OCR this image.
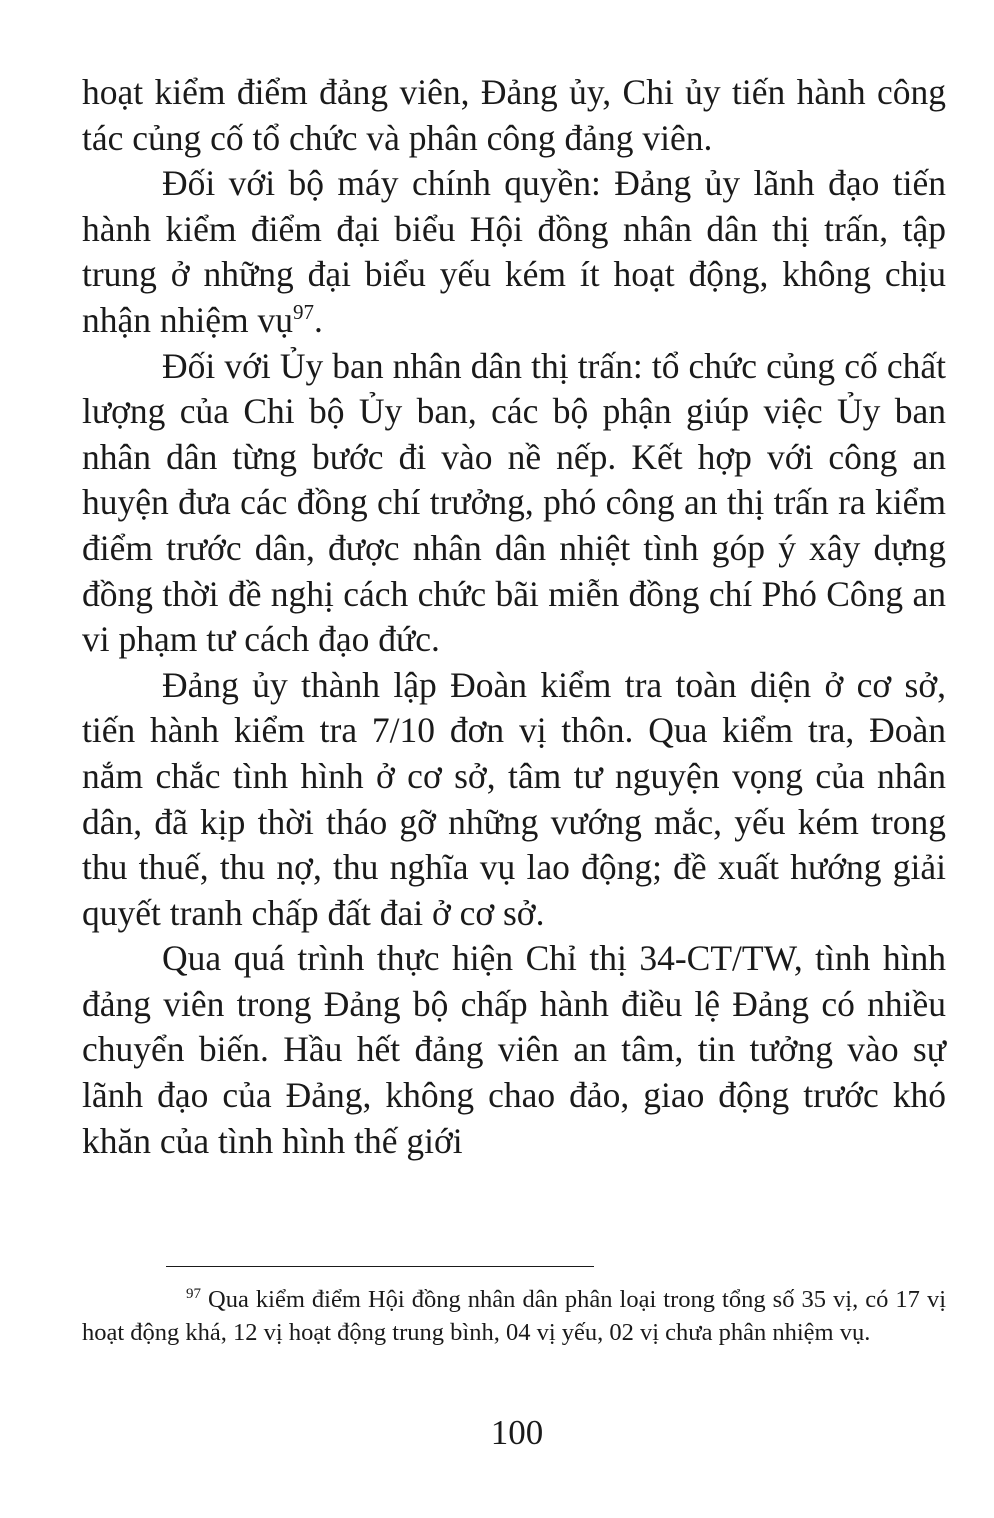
hoạt kiểm điểm đảng viên, Đảng ủy, Chi ủy tiến hành công tác củng cố tổ chức và phân công đảng viên.

Đối với bộ máy chính quyền: Đảng ủy lãnh đạo tiến hành kiểm điểm đại biểu Hội đồng nhân dân thị trấn, tập trung ở những đại biểu yếu kém ít hoạt động, không chịu nhận nhiệm vụ$^{97}$.

Đối với Ủy ban nhân dân thị trấn: tổ chức củng cố chất lượng của Chi bộ Ủy ban, các bộ phận giúp việc Ủy ban nhân dân từng bước đi vào nề nếp. Kết hợp với công an huyện đưa các đồng chí trưởng, phó công an thị trấn ra kiểm điểm trước dân, được nhân dân nhiệt tình góp ý xây dựng đồng thời đề nghị cách chức bãi miễn đồng chí Phó Công an vi phạm tư cách đạo đức.

Đảng ủy thành lập Đoàn kiểm tra toàn diện ở cơ sở, tiến hành kiểm tra 7/10 đơn vị thôn. Qua kiểm tra, Đoàn nắm chắc tình hình ở cơ sở, tâm tư nguyện vọng của nhân dân, đã kịp thời tháo gỡ những vướng mắc, yếu kém trong thu thuế, thu nợ, thu nghĩa vụ lao động; đề xuất hướng giải quyết tranh chấp đất đai ở cơ sở.

Qua quá trình thực hiện Chỉ thị 34-CT/TW, tình hình đảng viên trong Đảng bộ chấp hành điều lệ Đảng có nhiều chuyển biến. Hầu hết đảng viên an tâm, tin tưởng vào sự lãnh đạo của Đảng, không chao đảo, giao động trước khó khăn của tình hình thế giới

$^{97}$ Qua kiểm điểm Hội đồng nhân dân phân loại trong tổng số 35 vị, có 17 vị hoạt động khá, 12 vị hoạt động trung bình, 04 vị yếu, 02 vị chưa phân nhiệm vụ.

100
